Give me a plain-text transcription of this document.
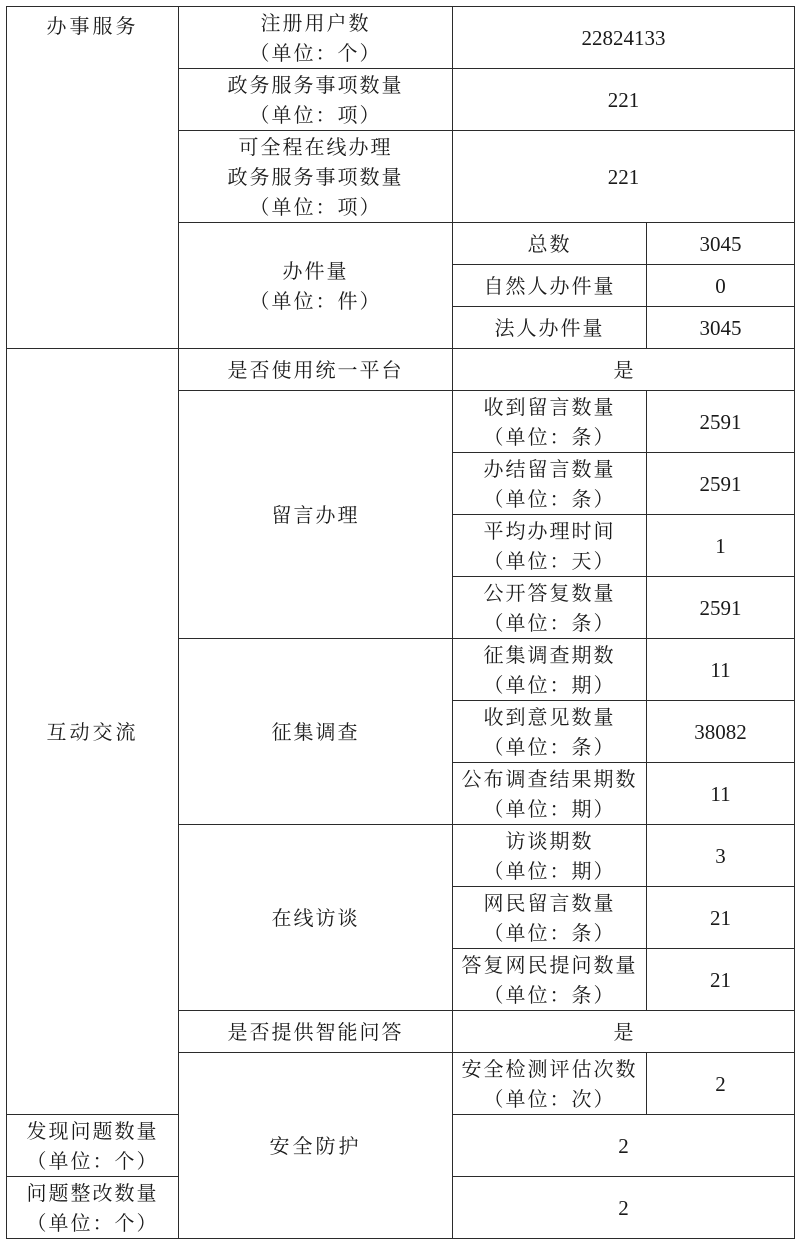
办事服务	注册用户数
（单位：个）	22824133	

	政务服务事项数量
（单位：项）	221	

	可全程在线办理
政务服务事项数量
（单位：项）	221	

	办件量
（单位：件）	总数	3045

		自然人办件量	0

		法人办件量	3045

互动交流	是否使用统一平台	是	

	留言办理	收到留言数量
（单位：条）	2591

		办结留言数量
（单位：条）	2591

		平均办理时间
（单位：天）	1

		公开答复数量
（单位：条）	2591

	征集调查	征集调查期数
（单位：期）	11

		收到意见数量
（单位：条）	38082

		公布调查结果期数
（单位：期）	11

	在线访谈	访谈期数
（单位：期）	3

		网民留言数量
（单位：条）	21

		答复网民提问数量
（单位：条）	21

	是否提供智能问答	是	

	安全防护	安全检测评估次数
（单位：次）	2

发现问题数量
（单位：个）		2	

问题整改数量
（单位：个）		2	
